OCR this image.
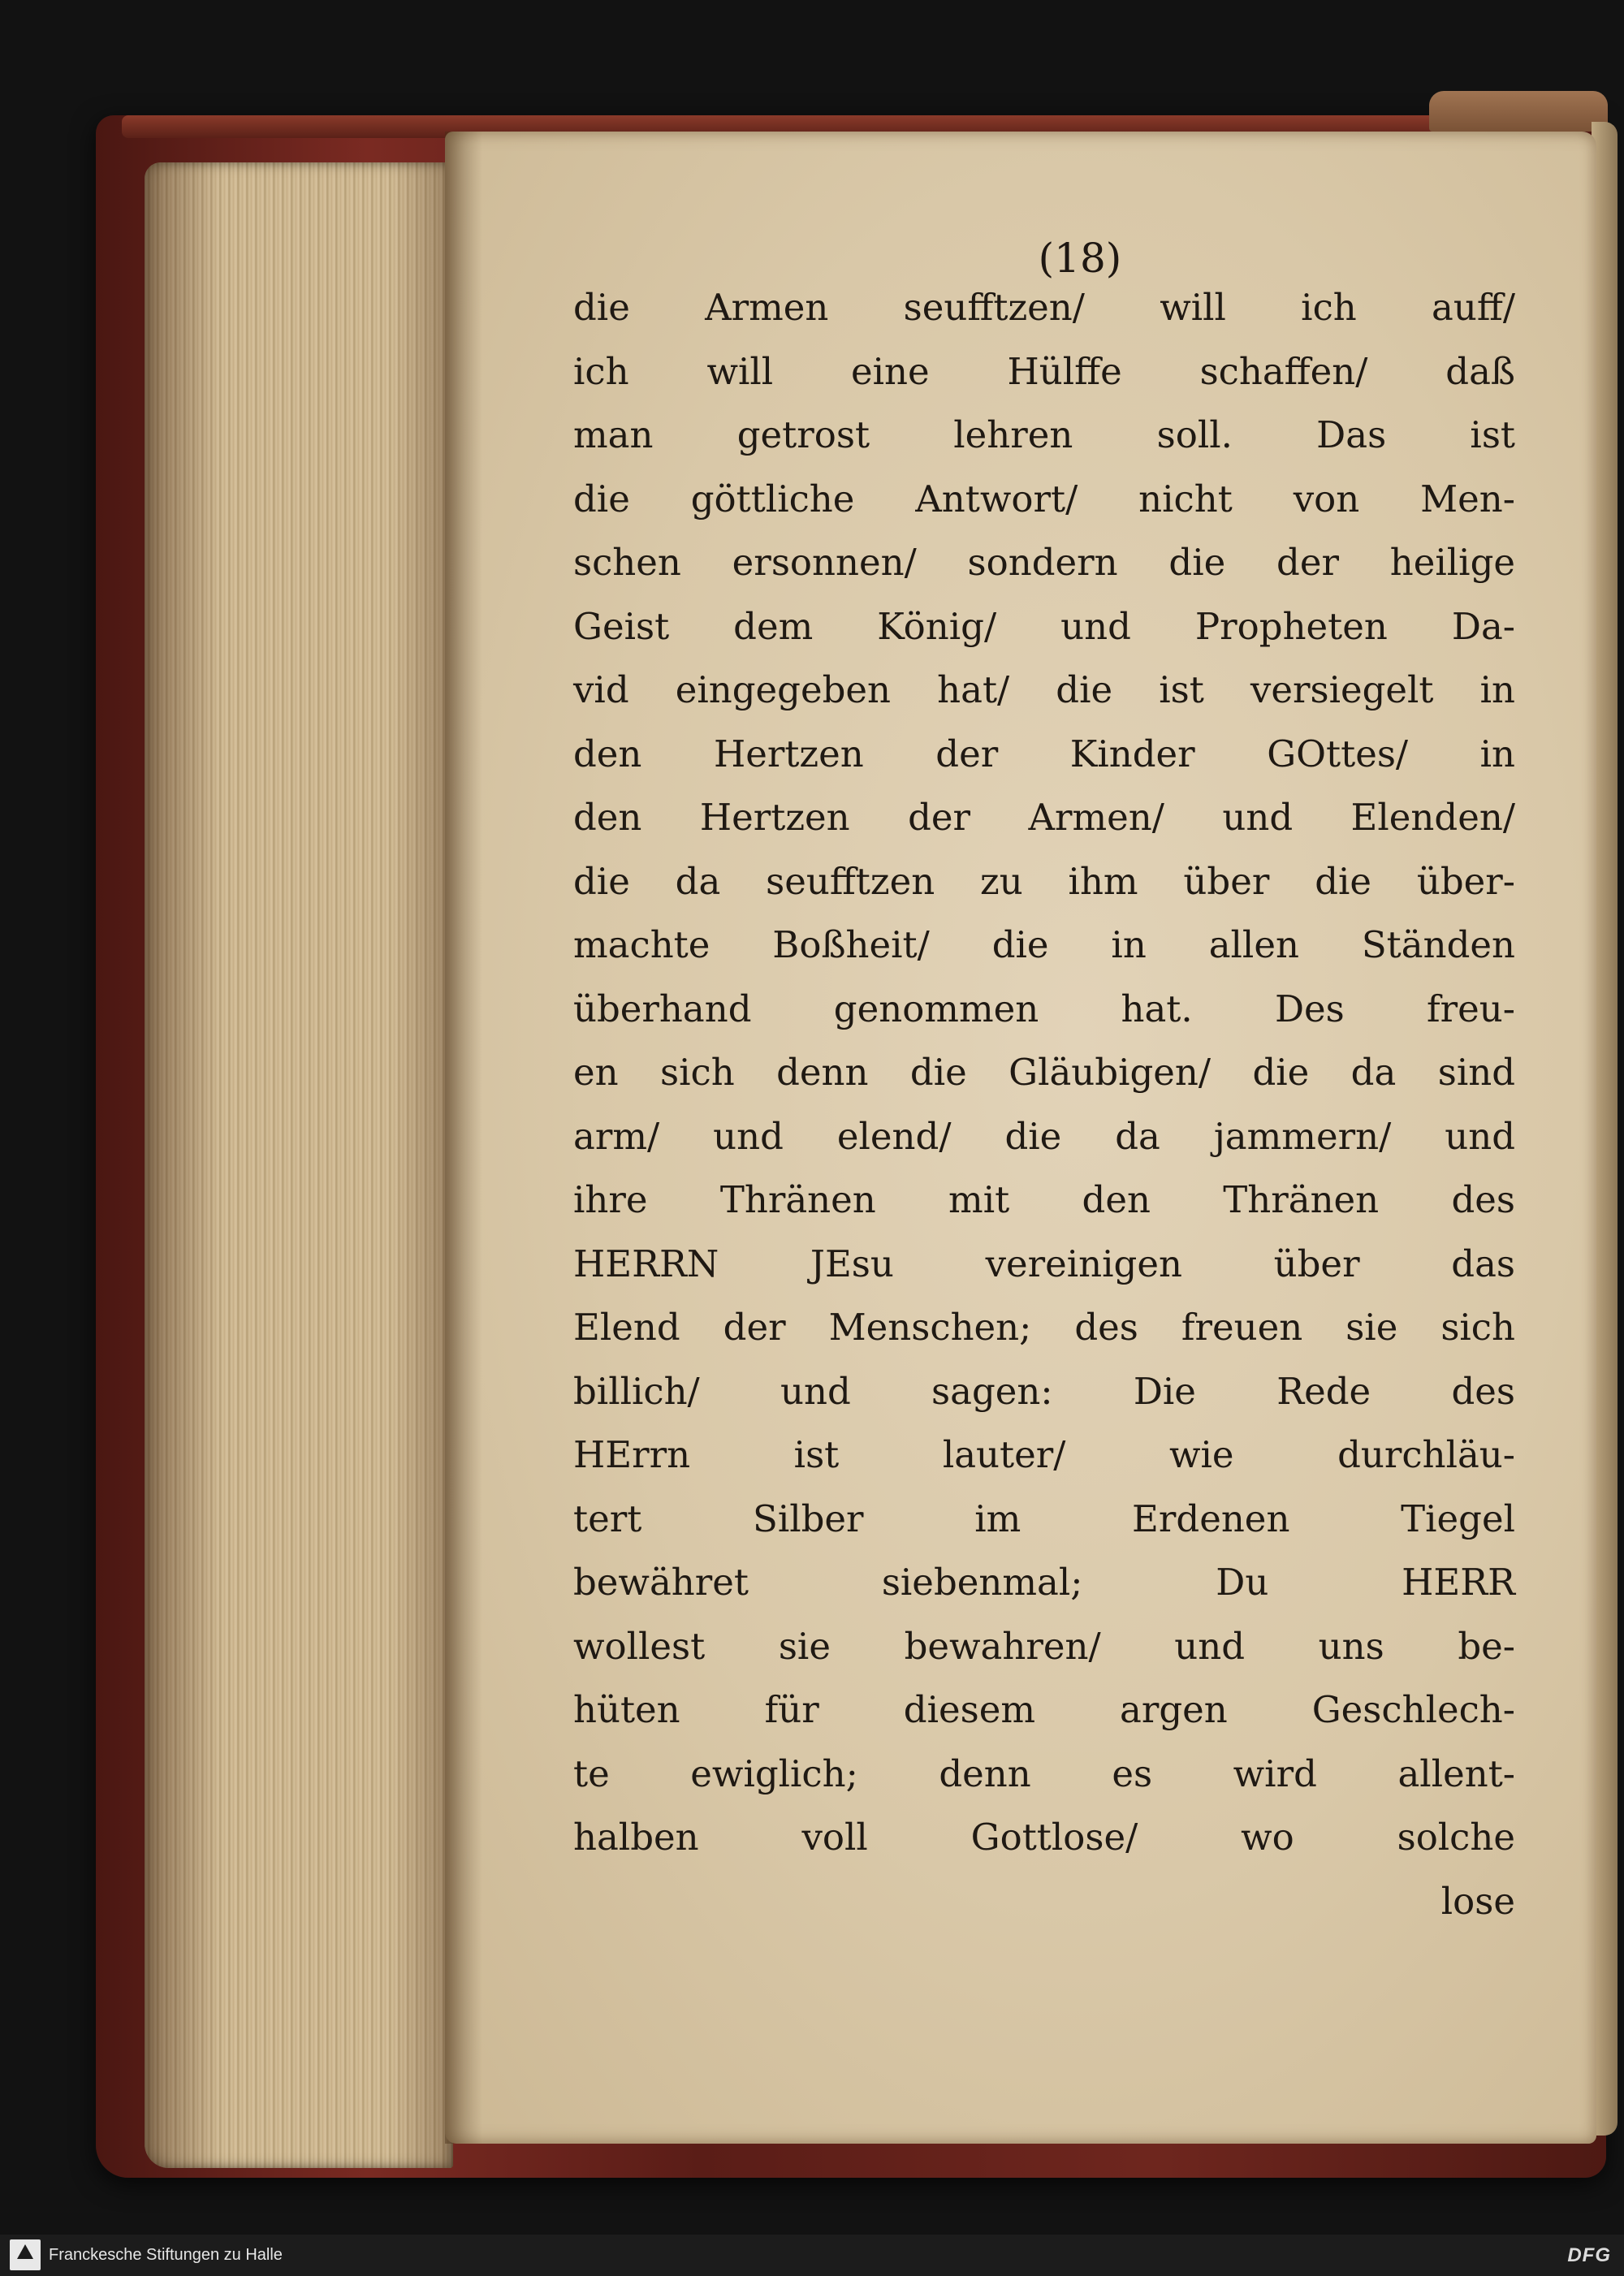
(18)
die Armen seufftzen/ will ich auff/
ich will eine Hülffe schaffen/ daß
man getrost lehren soll. Das ist
die göttliche Antwort/ nicht von Men-
schen ersonnen/ sondern die der heilige
Geist dem König/ und Propheten Da-
vid eingegeben hat/ die ist versiegelt in
den Hertzen der Kinder GOttes/ in
den Hertzen der Armen/ und Elenden/
die da seufftzen zu ihm über die über-
machte Boßheit/ die in allen Ständen
überhand genommen hat. Des freu-
en sich denn die Gläubigen/ die da sind
arm/ und elend/ die da jammern/ und
ihre Thränen mit den Thränen des
HERRN JEsu vereinigen über das
Elend der Menschen; des freuen sie sich
billich/ und sagen: Die Rede des
HErrn ist lauter/ wie durchläu-
tert Silber im Erdenen Tiegel
bewähret siebenmal; Du HERR
wollest sie bewahren/ und uns be-
hüten für diesem argen Geschlech-
te ewiglich; denn es wird allent-
halben voll Gottlose/ wo solche
lose
Franckesche Stiftungen zu Halle	DFG
